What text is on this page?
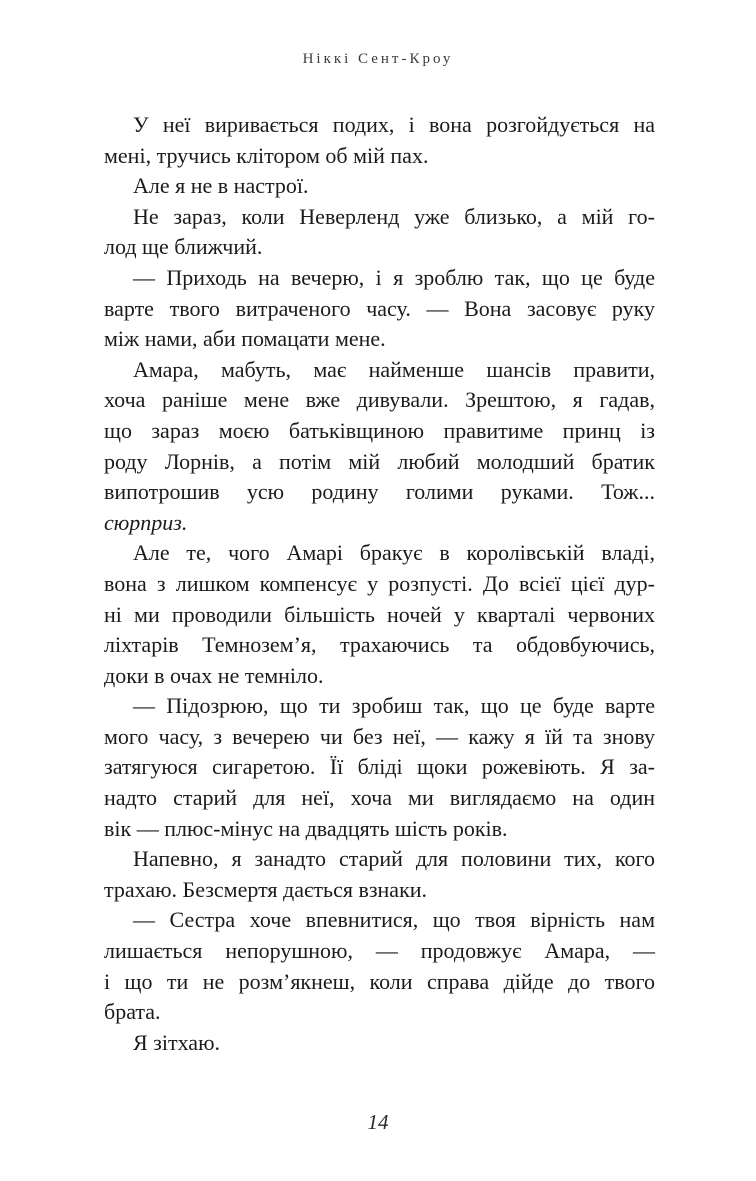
Ніккі Сент-Кроу
У неї виривається подих, і вона розгойдується на
мені, тручись клітором об мій пах.
Але я не в настрої.
Не зараз, коли Неверленд уже близько, а мій го-
лод ще ближчий.
— Приходь на вечерю, і я зроблю так, що це буде
варте твого витраченого часу. — Вона засовує руку
між нами, аби помацати мене.
Амара, мабуть, має найменше шансів правити,
хоча раніше мене вже дивували. Зрештою, я гадав,
що зараз моєю батьківщиною правитиме принц із
роду Лорнів, а потім мій любий молодший братик
випотрошив усю родину голими руками. Тож...
сюрприз.
Але те, чого Амарі бракує в королівській владі,
вона з лишком компенсує у розпусті. До всієї цієї дур-
ні ми проводили більшість ночей у кварталі червоних
ліхтарів Темнозем’я, трахаючись та обдовбуючись,
доки в очах не темніло.
— Підозрюю, що ти зробиш так, що це буде варте
мого часу, з вечерею чи без неї, — кажу я їй та знову
затягуюся сигаретою. Її бліді щоки рожевіють. Я за-
надто старий для неї, хоча ми виглядаємо на один
вік — плюс-мінус на двадцять шість років.
Напевно, я занадто старий для половини тих, кого
трахаю. Безсмертя дається взнаки.
— Сестра хоче впевнитися, що твоя вірність нам
лишається непорушною, — продовжує Амара, —
і що ти не розм’якнеш, коли справа дійде до твого
брата.
Я зітхаю.
14
